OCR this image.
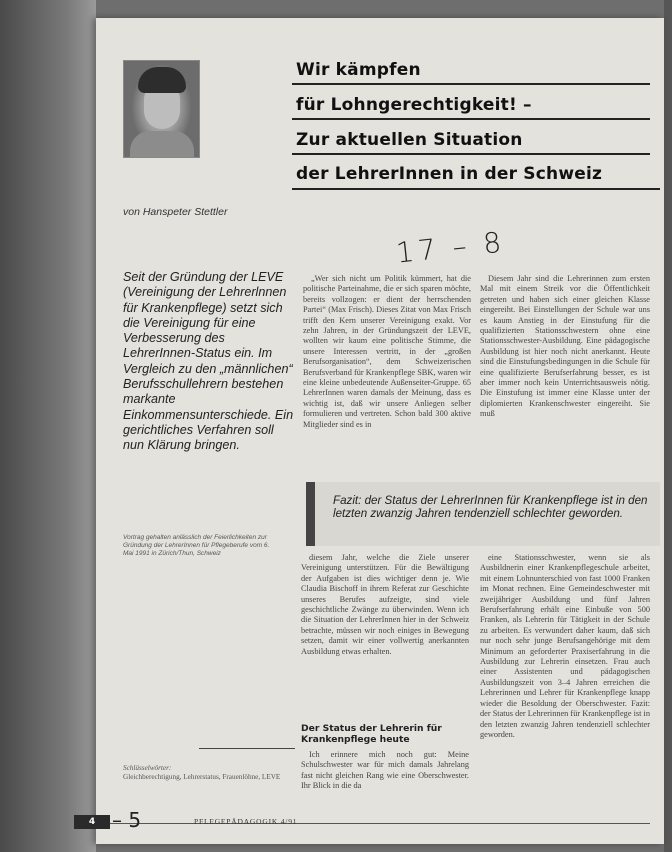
Wir kämpfen
für Lohngerechtigkeit! –
Zur aktuellen Situation
der LehrerInnen in der Schweiz
von Hanspeter Stettler
17 – 8
Seit der Gründung der LEVE (Vereinigung der Lehrerlnnen für Krankenpflege) setzt sich die Vereinigung für eine Verbesserung des LehrerInnen-Status ein. Im Vergleich zu den „männlichen“ Berufsschullehrern bestehen markante Einkommensunterschiede. Ein gerichtliches Verfahren soll nun Klärung bringen.

„Wer sich nicht um Politik kümmert, hat die politische Parteinahme, die er sich sparen möchte, bereits vollzogen: er dient der herrschenden Partei“ (Max Frisch). Dieses Zitat von Max Frisch trifft den Kern unserer Vereinigung exakt. Vor zehn Jahren, in der Gründungszeit der LEVE, wollten wir kaum eine politische Stimme, die unsere Interessen vertritt, in der „großen Berufsorganisation“, dem Schweizerischen Berufsverband für Krankenpflege SBK, waren wir eine kleine unbedeutende Außenseiter-Gruppe. 65 LehrerInnen waren damals der Meinung, dass es wichtig ist, daß wir unsere Anliegen selber formulieren und vertreten. Schon bald 300 aktive Mitglieder sind es in

Diesem Jahr sind die Lehrerinnen zum ersten Mal mit einem Streik vor die Öffentlichkeit getreten und haben sich einer gleichen Klasse eingereiht. Bei Einstellungen der Schule war uns es kaum Anstieg in der Einstufung für die qualifizierten Stationsschwestern ohne eine Stationsschwester-Ausbildung. Eine pädagogische Ausbildung ist hier noch nicht anerkannt. Heute sind die Einstufungsbedingungen in die Schule für eine qualifizierte Berufserfahrung besser, es ist aber immer noch kein Unterrichtsausweis nötig. Die Einstufung ist immer eine Klasse unter der diplomierten Krankenschwester eingereiht. Sie muß

Fazit: der Status der LehrerInnen für Krankenpflege ist in den letzten zwanzig Jahren tendenziell schlechter geworden.
Vortrag gehalten anlässlich der Feierlichkeiten zur Gründung der LehrerInnen für Pflegeberufe vom 6. Mai 1991 in Zürich/Thun, Schweiz	diesem Jahr, welche die Ziele unserer Vereinigung unterstützen. Für die Bewältigung der Aufgaben ist dies wichtiger denn je. Wie Claudia Bischoff in ihrem Referat zur Geschichte unseres Berufes aufzeigte, sind viele geschichtliche Zwänge zu überwinden. Wenn ich die Situation der LehrerInnen hier in der Schweiz betrachte, müssen wir noch einiges in Bewegung setzen, damit wir einer vollwertig anerkannten Ausbildung etwas erhalten.

Der Status der Lehrerin für Krankenpflege heute

Ich erinnere mich noch gut: Meine Schulschwester war für mich damals Jahrelang fast nicht gleichen Rang wie eine Oberschwester. Ihr Blick in die da

eine Stationsschwester, wenn sie als Ausbildnerin einer Krankenpflegeschule arbeitet, mit einem Lohnunterschied von fast 1000 Franken im Monat rechnen. Eine Gemeindeschwester mit zweijähriger Ausbildung und fünf Jahren Berufserfahrung erhält eine Einbuße von 500 Franken, als Lehrerin für Tätigkeit in der Schule zu arbeiten. Es verwundert daher kaum, daß sich nur noch sehr junge Berufsangehörige mit dem Minimum an geforderter Praxiserfahrung in die Ausbildung zur Lehrerin einsetzen. Frau auch einer Assistenten und pädagogischen Ausbildungszeit von 3–4 Jahren erreichen die Lehrerinnen und Lehrer für Krankenpflege knapp wieder die Besoldung der Oberschwester. Fazit: der Status der Lehrerinnen für Krankenpflege ist in den letzten zwanzig Jahren tendenziell schlechter geworden.

Schlüsselwörter:
Gleichberechtigung, Lehrerstatus, Frauenlöhne, LEVE
PFLEGEPÄDAGOGIK 4/91
4 – 5
